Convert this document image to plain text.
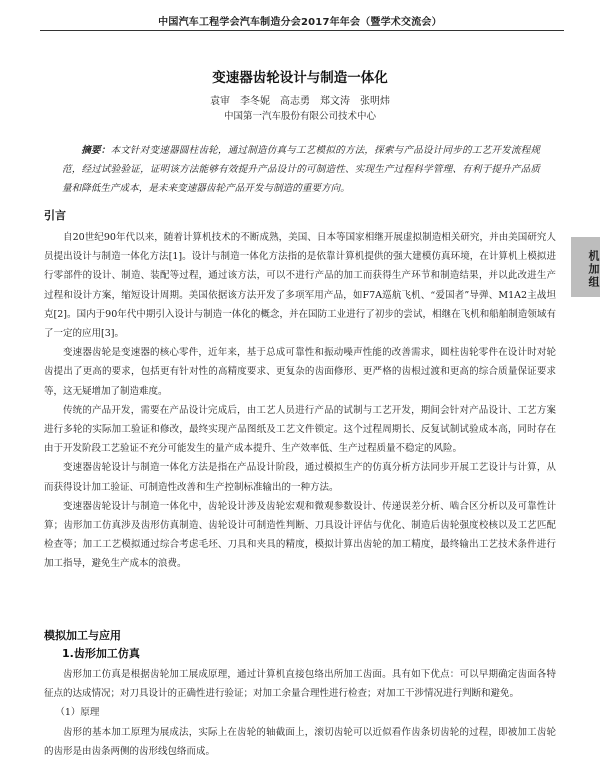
中国汽车工程学会汽车制造分会2017年年会（暨学术交流会）
变速器齿轮设计与制造一体化
袁审　李冬妮　高志勇　郑文涛　张明炜
中国第一汽车股份有限公司技术中心
摘要：本文针对变速器圆柱齿轮，通过制造仿真与工艺模拟的方法，探索与产品设计同步的工艺开发流程规范，经过试验验证，证明该方法能够有效提升产品设计的可制造性、实现生产过程科学管理、有利于提升产品质量和降低生产成本，是未来变速器齿轮产品开发与制造的重要方向。
引言

自20世纪90年代以来，随着计算机技术的不断成熟，美国、日本等国家相继开展虚拟制造相关研究，并由美国研究人员提出设计与制造一体化方法[1]。设计与制造一体化方法指的是依靠计算机提供的强大建模仿真环境，在计算机上模拟进行零部件的设计、制造、装配等过程，通过该方法，可以不进行产品的加工而获得生产环节和制造结果，并以此改进生产过程和设计方案，缩短设计周期。美国依据该方法开发了多项军用产品，如F7A巡航飞机、“爱国者”导弹、M1A2主战坦克[2]。国内于90年代中期引入设计与制造一体化的概念，并在国防工业进行了初步的尝试，相继在飞机和船舶制造领域有了一定的应用[3]。

变速器齿轮是变速器的核心零件，近年来，基于总成可靠性和振动噪声性能的改善需求，圆柱齿轮零件在设计时对轮齿提出了更高的要求，包括更有针对性的高精度要求、更复杂的齿面修形、更严格的齿根过渡和更高的综合质量保证要求等，这无疑增加了制造难度。

传统的产品开发，需要在产品设计完成后，由工艺人员进行产品的试制与工艺开发，期间会针对产品设计、工艺方案进行多轮的实际加工验证和修改，最终实现产品图纸及工艺文件锁定。这个过程周期长、反复试制试验成本高，同时存在由于开发阶段工艺验证不充分可能发生的量产成本提升、生产效率低、生产过程质量不稳定的风险。

变速器齿轮设计与制造一体化方法是指在产品设计阶段，通过模拟生产的仿真分析方法同步开展工艺设计与计算，从而获得设计加工验证、可制造性改善和生产控制标准输出的一种方法。

变速器齿轮设计与制造一体化中，齿轮设计涉及齿轮宏观和微观参数设计、传递误差分析、啮合区分析以及可靠性计算；齿形加工仿真涉及齿形仿真制造、齿轮设计可制造性判断、刀具设计评估与优化、制造后齿轮强度校核以及工艺匹配检查等；加工工艺模拟通过综合考虑毛坯、刀具和夹具的精度，模拟计算出齿轮的加工精度，最终输出工艺技术条件进行加工指导，避免生产成本的浪费。

模拟加工与应用
1.齿形加工仿真

齿形加工仿真是根据齿轮加工展成原理，通过计算机直接包络出所加工齿面。具有如下优点：可以早期确定齿面各特征点的达成情况；对刀具设计的正确性进行验证；对加工余量合理性进行检查；对加工干涉情况进行判断和避免。

（1）原理

齿形的基本加工原理为展成法，实际上在齿轮的轴截面上，滚切齿轮可以近似看作齿条切齿轮的过程，即被加工齿轮的齿形是由齿条两侧的齿形线包络而成。

机加组
